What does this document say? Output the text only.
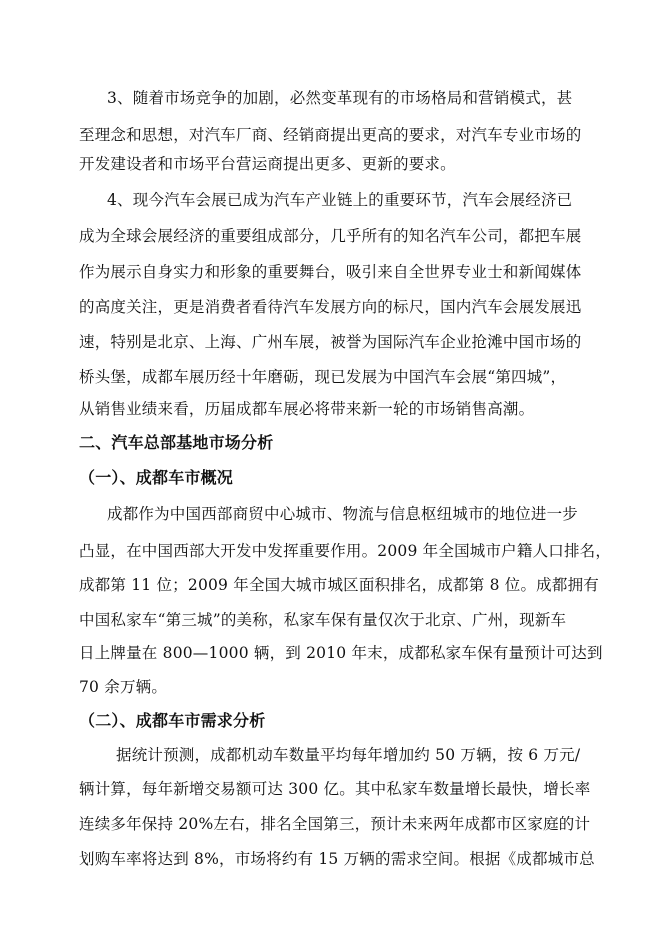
3、随着市场竞争的加剧，必然变革现有的市场格局和营销模式，甚
至理念和思想，对汽车厂商、经销商提出更高的要求，对汽车专业市场的
开发建设者和市场平台营运商提出更多、更新的要求。
4、现今汽车会展已成为汽车产业链上的重要环节，汽车会展经济已
成为全球会展经济的重要组成部分，几乎所有的知名汽车公司，都把车展
作为展示自身实力和形象的重要舞台，吸引来自全世界专业士和新闻媒体
的高度关注，更是消费者看待汽车发展方向的标尺，国内汽车会展发展迅
速，特别是北京、上海、广州车展，被誉为国际汽车企业抢滩中国市场的
桥头堡，成都车展历经十年磨砺，现已发展为中国汽车会展“第四城”，
从销售业绩来看，历届成都车展必将带来新一轮的市场销售高潮。
二、汽车总部基地市场分析
（一）、成都车市概况
成都作为中国西部商贸中心城市、物流与信息枢纽城市的地位进一步
凸显，在中国西部大开发中发挥重要作用。2009 年全国城市户籍人口排名，
成都第 11 位；2009 年全国大城市城区面积排名，成都第 8 位。成都拥有
中国私家车“第三城”的美称，私家车保有量仅次于北京、广州，现新车
日上牌量在 800—1000 辆，到 2010 年末，成都私家车保有量预计可达到
70 余万辆。
（二）、成都车市需求分析
据统计预测，成都机动车数量平均每年增加约 50 万辆，按 6 万元/
辆计算，每年新增交易额可达 300 亿。其中私家车数量增长最快，增长率
连续多年保持 20%左右，排名全国第三，预计未来两年成都市区家庭的计
划购车率将达到 8%，市场将约有 15 万辆的需求空间。根据《成都城市总
